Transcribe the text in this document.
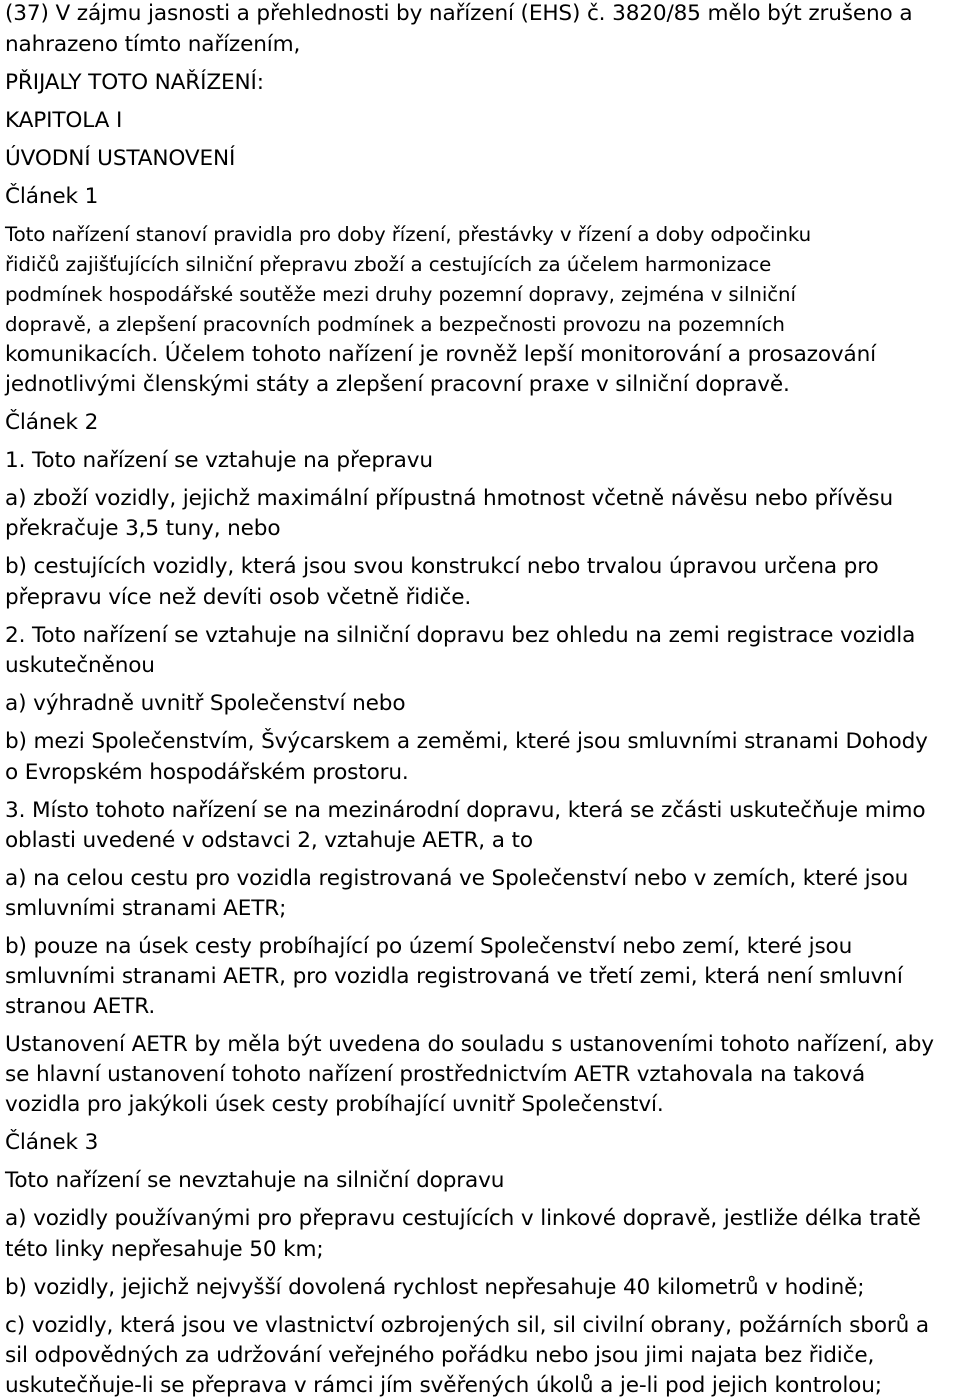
(37) V zájmu jasnosti a přehlednosti by nařízení (EHS) č. 3820/85 mělo být zrušeno a

nahrazeno tímto nařízením,

PŘIJALY TOTO NAŘÍZENÍ:

KAPITOLA I

ÚVODNÍ USTANOVENÍ

Článek 1

Toto nařízení stanoví pravidla pro doby řízení, přestávky v řízení a doby odpočinku

řidičů zajišťujících silniční přepravu zboží a cestujících za účelem harmonizace

podmínek hospodářské soutěže mezi druhy pozemní dopravy, zejména v silniční

dopravě, a zlepšení pracovních podmínek a bezpečnosti provozu na pozemních

komunikacích. Účelem tohoto nařízení je rovněž lepší monitorování a prosazování

jednotlivými členskými státy a zlepšení pracovní praxe v silniční dopravě.

Článek 2

1. Toto nařízení se vztahuje na přepravu

a) zboží vozidly, jejichž maximální přípustná hmotnost včetně návěsu nebo přívěsu

překračuje 3,5 tuny, nebo

b) cestujících vozidly, která jsou svou konstrukcí nebo trvalou úpravou určena pro

přepravu více než devíti osob včetně řidiče.

2. Toto nařízení se vztahuje na silniční dopravu bez ohledu na zemi registrace vozidla

uskutečněnou

a) výhradně uvnitř Společenství nebo

b) mezi Společenstvím, Švýcarskem a zeměmi, které jsou smluvními stranami Dohody

o Evropském hospodářském prostoru.

3. Místo tohoto nařízení se na mezinárodní dopravu, která se zčásti uskutečňuje mimo

oblasti uvedené v odstavci 2, vztahuje AETR, a to

a) na celou cestu pro vozidla registrovaná ve Společenství nebo v zemích, které jsou

smluvními stranami AETR;

b) pouze na úsek cesty probíhající po území Společenství nebo zemí, které jsou

smluvními stranami AETR, pro vozidla registrovaná ve třetí zemi, která není smluvní

stranou AETR.

Ustanovení AETR by měla být uvedena do souladu s ustanoveními tohoto nařízení, aby

se hlavní ustanovení tohoto nařízení prostřednictvím AETR vztahovala na taková

vozidla pro jakýkoli úsek cesty probíhající uvnitř Společenství.

Článek 3

Toto nařízení se nevztahuje na silniční dopravu

a) vozidly používanými pro přepravu cestujících v linkové dopravě, jestliže délka tratě

této linky nepřesahuje 50 km;

b) vozidly, jejichž nejvyšší dovolená rychlost nepřesahuje 40 kilometrů v hodině;

c) vozidly, která jsou ve vlastnictví ozbrojených sil, sil civilní obrany, požárních sborů a

sil odpovědných za udržování veřejného pořádku nebo jsou jimi najata bez řidiče,

uskutečňuje-li se přeprava v rámci jím svěřených úkolů a je-li pod jejich kontrolou;
